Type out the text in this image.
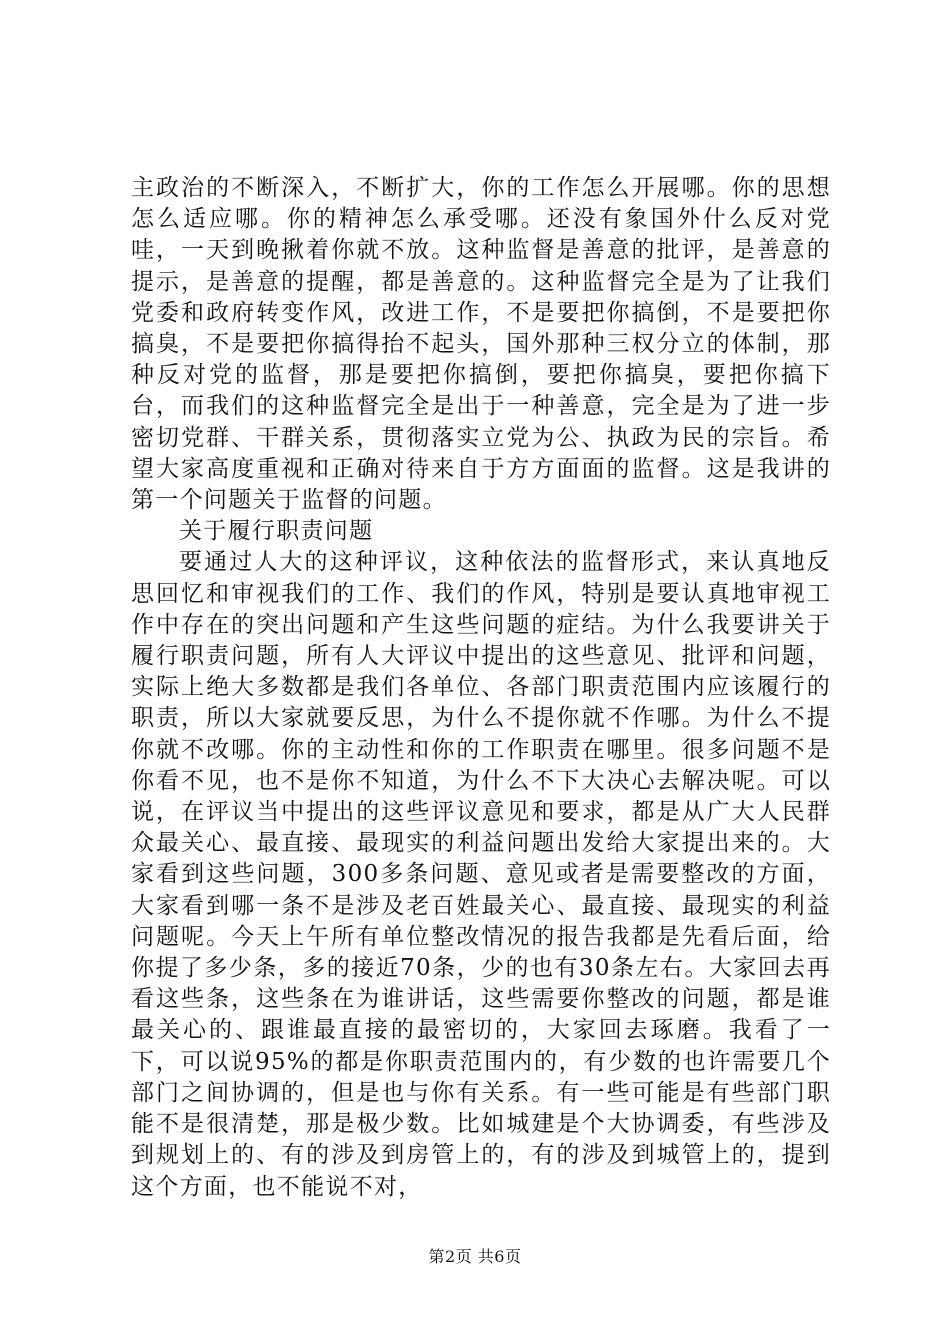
主政治的不断深入，不断扩大，你的工作怎么开展哪。你的思想怎么适应哪。你的精神怎么承受哪。还没有象国外什么反对党哇，一天到晚揪着你就不放。这种监督是善意的批评，是善意的提示，是善意的提醒，都是善意的。这种监督完全是为了让我们党委和政府转变作风，改进工作，不是要把你搞倒，不是要把你搞臭，不是要把你搞得抬不起头，国外那种三权分立的体制，那种反对党的监督，那是要把你搞倒，要把你搞臭，要把你搞下台，而我们的这种监督完全是出于一种善意，完全是为了进一步密切党群、干群关系，贯彻落实立党为公、执政为民的宗旨。希望大家高度重视和正确对待来自于方方面面的监督。这是我讲的第一个问题关于监督的问题。

关于履行职责问题

要通过人大的这种评议，这种依法的监督形式，来认真地反思回忆和审视我们的工作、我们的作风，特别是要认真地审视工作中存在的突出问题和产生这些问题的症结。为什么我要讲关于履行职责问题，所有人大评议中提出的这些意见、批评和问题，实际上绝大多数都是我们各单位、各部门职责范围内应该履行的职责，所以大家就要反思，为什么不提你就不作哪。为什么不提你就不改哪。你的主动性和你的工作职责在哪里。很多问题不是你看不见，也不是你不知道，为什么不下大决心去解决呢。可以说，在评议当中提出的这些评议意见和要求，都是从广大人民群众最关心、最直接、最现实的利益问题出发给大家提出来的。大家看到这些问题，300多条问题、意见或者是需要整改的方面，大家看到哪一条不是涉及老百姓最关心、最直接、最现实的利益问题呢。今天上午所有单位整改情况的报告我都是先看后面，给你提了多少条，多的接近70条，少的也有30条左右。大家回去再看这些条，这些条在为谁讲话，这些需要你整改的问题，都是谁最关心的、跟谁最直接的最密切的，大家回去琢磨。我看了一下，可以说95%的都是你职责范围内的，有少数的也许需要几个部门之间协调的，但是也与你有关系。有一些可能是有些部门职能不是很清楚，那是极少数。比如城建是个大协调委，有些涉及到规划上的、有的涉及到房管上的，有的涉及到城管上的，提到这个方面，也不能说不对，

第2页 共6页
